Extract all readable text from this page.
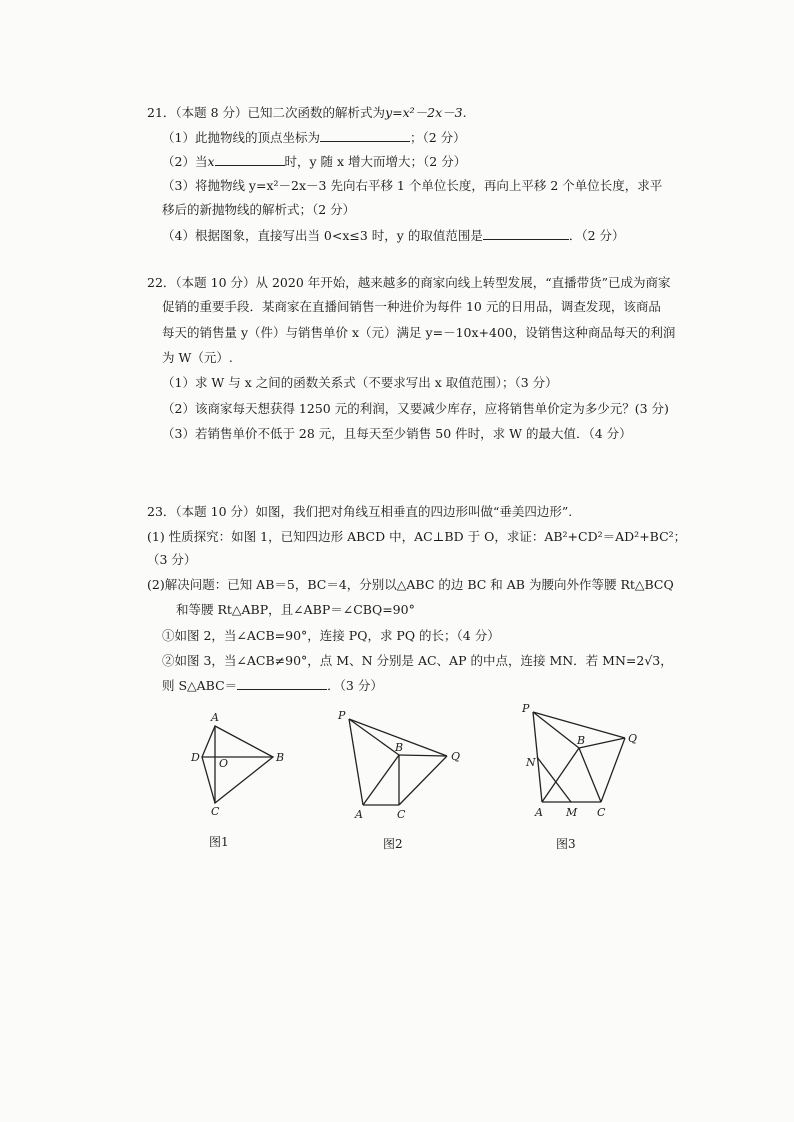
21．（本题 8 分）已知二次函数的解析式为y=x²－2x－3.
（1）此抛物线的顶点坐标为	；（2 分）
（2）当x	时，y 随 x 增大而增大；（2 分）
（3）将抛物线 y=x²－2x－3 先向右平移 1 个单位长度，再向上平移 2 个单位长度，求平
移后的新抛物线的解析式；（2 分）
（4）根据图象，直接写出当 0<x≤3 时，y 的取值范围是	．（2 分）
22．（本题 10 分）从 2020 年开始，越来越多的商家向线上转型发展，“直播带货”已成为商家
促销的重要手段．某商家在直播间销售一种进价为每件 10 元的日用品，调查发现，该商品
每天的销售量 y（件）与销售单价 x（元）满足 y=－10x+400，设销售这种商品每天的利润
为 W（元）.
（1）求 W 与 x 之间的函数关系式（不要求写出 x 取值范围）；（3 分）
（2）该商家每天想获得 1250 元的利润，又要减少库存，应将销售单价定为多少元？(3 分)
（3）若销售单价不低于 28 元，且每天至少销售 50 件时，求 W 的最大值．（4 分）
23．（本题 10 分）如图，我们把对角线互相垂直的四边形叫做“垂美四边形”.
(1) 性质探究：如图 1，已知四边形 ABCD 中，AC⊥BD 于 O，求证：AB²+CD²＝AD²+BC²；
（3 分）
(2)解决问题：已知 AB＝5，BC＝4，分别以△ABC 的边 BC 和 AB 为腰向外作等腰 Rt△BCQ
和等腰 Rt△ABP，且∠ABP＝∠CBQ=90°
①如图 2，当∠ACB=90°，连接 PQ，求 PQ 的长；（4 分）
②如图 3，当∠ACB≠90°，点 M、N 分别是 AC、AP 的中点，连接 MN．若 MN=2√3，
则 S△ABC＝	．（3 分）
A
B
C
D O
图1
P
B
Q
A	C
图2
P
B	Q
N
A M C
图3
